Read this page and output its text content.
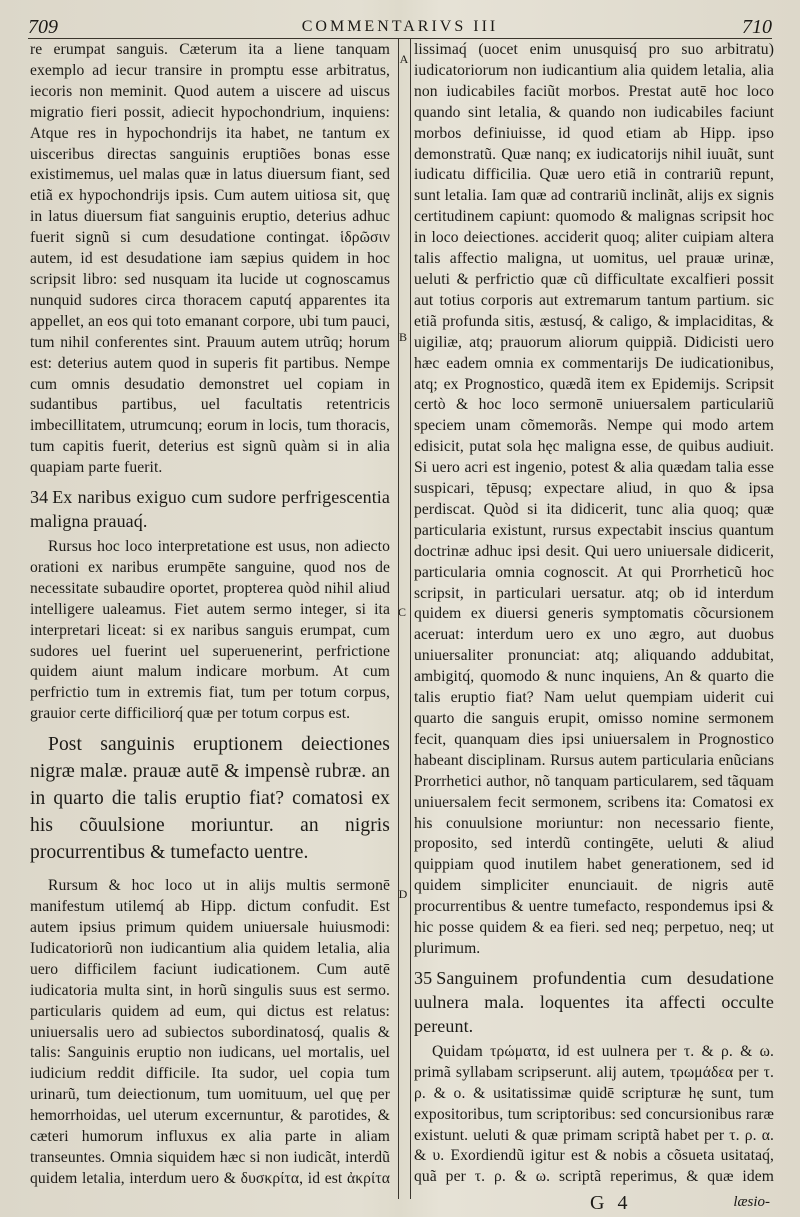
709	COMMENTARIVS III	710
A
B
C
D

re erumpat sanguis. Cæterum ita a liene tanquam exemplo ad iecur transire in promptu esse arbitratus, iecoris non meminit. Quod autem a uiscere ad uiscus migratio fieri possit, adiecit hypochondrium, inquiens: Atque res in hypochondrijs ita habet, ne tantum ex uisceribus directas sanguinis eruptiões bonas esse existimemus, uel malas quæ in latus diuersum fiant, sed etiã ex hypochondrijs ipsis. Cum autem uitiosa sit, quę in latus diuersum fiat sanguinis eruptio, deterius adhuc fuerit signũ si cum desudatione contingat. ἱδρῶσιν autem, id est desudatione iam sæpius quidem in hoc scripsit libro: sed nusquam ita lucide ut cognoscamus nunquid sudores circa thoracem caputq́ apparentes ita appellet, an eos qui toto emanant corpore, ubi tum pauci, tum nihil conferentes sint. Prauum autem utrũq; horum est: deterius autem quod in superis fit partibus. Nempe cum omnis desudatio demonstret uel copiam in sudantibus partibus, uel facultatis retentricis imbecillitatem, utrumcunq; eorum in locis, tum thoracis, tum capitis fuerit, deterius est signũ quàm si in alia quapiam parte fuerit.

34 Ex naribus exiguo cum sudore perfrigescentia maligna prauaq́.

Rursus hoc loco interpretatione est usus, non adiecto orationi ex naribus erumpēte sanguine, quod nos de necessitate subaudire oportet, propterea quòd nihil aliud intelligere ualeamus. Fiet autem sermo integer, si ita interpretari liceat: si ex naribus sanguis erumpat, cum sudores uel fuerint uel superuenerint, perfrictione quidem aiunt malum indicare morbum. At cum perfrictio tum in extremis fiat, tum per totum corpus, grauior certe difficiliorq́ quæ per totum corpus est.

Post sanguinis eruptionem deiectiones nigræ malæ. prauæ autē & impensè rubræ. an in quarto die talis eruptio fiat? comatosi ex his cõuulsione moriuntur. an nigris procurrentibus & tumefacto uentre.

Rursum & hoc loco ut in alijs multis sermonē manifestum utilemq́ ab Hipp. dictum confudit. Est autem ipsius primum quidem uniuersale huiusmodi: Iudicatoriorũ non iudicantium alia quidem letalia, alia uero difficilem faciunt iudicationem. Cum autē iudicatoria multa sint, in horũ singulis suus est sermo. particularis quidem ad eum, qui dictus est relatus: uniuersalis uero ad subiectos subordinatosq́, qualis & talis: Sanguinis eruptio non iudicans, uel mortalis, uel iudicium reddit difficile. Ita sudor, uel copia tum urinarũ, tum deiectionum, tum uomituum, uel quę per hemorrhoidas, uel uterum excernuntur, & parotides, & cæteri humorum influxus ex alia parte in aliam transeuntes. Omnia siquidem hæc si non iudicãt, interdũ quidem letalia, interdum uero & δυσκρίτα, id est ἀκρίτα

lissimaq́ (uocet enim unusquisq́ pro suo arbitratu) iudicatoriorum non iudicantium alia quidem letalia, alia non iudicabiles faciũt morbos. Prestat autē hoc loco quando sint letalia, & quando non iudicabiles faciunt morbos definiuisse, id quod etiam ab Hipp. ipso demonstratũ. Quæ nanq; ex iudicatorijs nihil iuuãt, sunt iudicatu difficilia. Quæ uero etiã in contrariũ repunt, sunt letalia. Iam quæ ad contrariũ inclinãt, alijs ex signis certitudinem capiunt: quomodo & malignas scripsit hoc in loco deiectiones. acciderit quoq; aliter cuipiam altera talis affectio maligna, ut uomitus, uel prauæ urinæ, ueluti & perfrictio quæ cũ difficultate excalfieri possit aut totius corporis aut extremarum tantum partium. sic etiã profunda sitis, æstusq́, & caligo, & implaciditas, & uigiliæ, atq; prauorum aliorum quippiã. Didicisti uero hæc eadem omnia ex commentarijs De iudicationibus, atq; ex Prognostico, quædã item ex Epidemijs. Scripsit certò & hoc loco sermonē uniuersalem particulariũ speciem unam cõmemorãs. Nempe qui modo artem edisicit, putat sola hęc maligna esse, de quibus audiuit. Si uero acri est ingenio, potest & alia quædam talia esse suspicari, tēpusq; expectare aliud, in quo & ipsa perdiscat. Quòd si ita didicerit, tunc alia quoq; quæ particularia existunt, rursus expectabit inscius quantum doctrinæ adhuc ipsi desit. Qui uero uniuersale didicerit, particularia omnia cognoscit. At qui Prorrheticũ hoc scripsit, in particulari uersatur. atq; ob id interdum quidem ex diuersi generis symptomatis cõcursionem aceruat: interdum uero ex uno ægro, aut duobus uniuersaliter pronunciat: atq; aliquando addubitat, ambigitq́, quomodo & nunc inquiens, An & quarto die talis eruptio fiat? Nam uelut quempiam uiderit cui quarto die sanguis erupit, omisso nomine sermonem fecit, quanquam dies ipsi uniuersalem in Prognostico habeant disciplinam. Rursus autem particularia enũcians Prorrhetici author, nõ tanquam particularem, sed tãquam uniuersalem fecit sermonem, scribens ita: Comatosi ex his conuulsione moriuntur: non necessario fiente, proposito, sed interdũ contingēte, ueluti & aliud quippiam quod inutilem habet generationem, sed id quidem simpliciter enunciauit. de nigris autē procurrentibus & uentre tumefacto, respondemus ipsi & hic posse quidem & ea fieri. sed neq; perpetuo, neq; ut plurimum.

35 Sanguinem profundentia cum desudatione uulnera mala. loquentes ita affecti occulte pereunt.

Quidam τρώματα, id est uulnera per τ. & ρ. & ω. primã syllabam scripserunt. alij autem, τρωμάδεα per τ. ρ. & ο. & usitatissimæ quidē scripturæ hę sunt, tum expositoribus, tum scriptoribus: sed concursionibus raræ existunt. ueluti & quæ primam scriptã habet per τ. ρ. α. & υ. Exordiendũ igitur est & nobis a cõsueta usitataq́, quã per τ. ρ. & ω. scriptã reperimus, & quæ idem

G 4	læsio-
